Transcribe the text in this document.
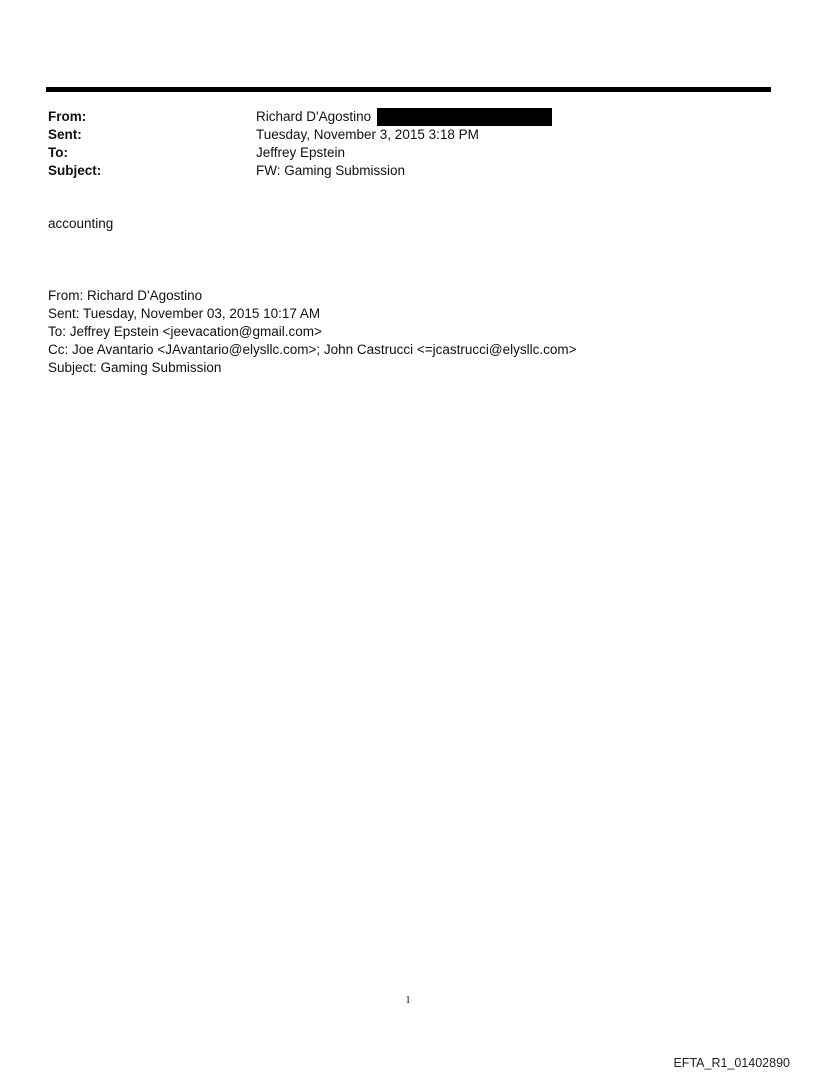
From:	Richard D'Agostino
Sent:	Tuesday, November 3, 2015 3:18 PM
To:	Jeffrey Epstein
Subject:	FW: Gaming Submission
accounting
From: Richard D'Agostino
Sent: Tuesday, November 03, 2015 10:17 AM
To: Jeffrey Epstein <jeevacation@gmail.com>
Cc: Joe Avantario <JAvantario@elysllc.com>; John Castrucci <=jcastrucci@elysllc.com>
Subject: Gaming Submission
1
EFTA_R1_01402890
